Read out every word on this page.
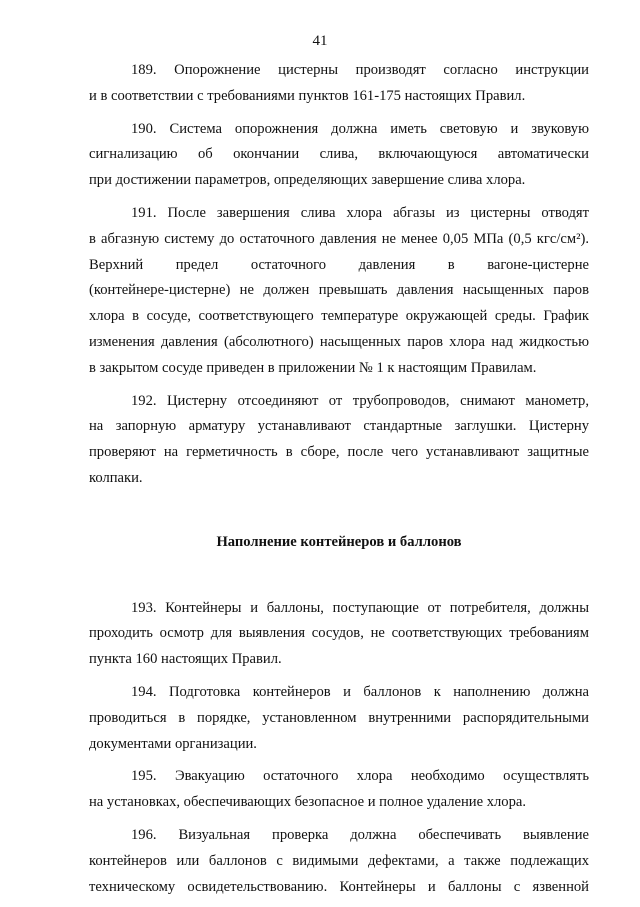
41
189. Опорожнение цистерны производят согласно инструкции
и в соответствии с требованиями пунктов 161-175 настоящих Правил.
190. Система опорожнения должна иметь световую и звуковую
сигнализацию об окончании слива, включающуюся автоматически
при достижении параметров, определяющих завершение слива хлора.
191. После завершения слива хлора абгазы из цистерны отводят
в абгазную систему до остаточного давления не менее 0,05 МПа (0,5 кгс/см²).
Верхний предел остаточного давления в вагоне-цистерне
(контейнере-цистерне) не должен превышать давления насыщенных паров
хлора в сосуде, соответствующего температуре окружающей среды. График
изменения давления (абсолютного) насыщенных паров хлора над жидкостью
в закрытом сосуде приведен в приложении № 1 к настоящим Правилам.
192. Цистерну отсоединяют от трубопроводов, снимают манометр,
на запорную арматуру устанавливают стандартные заглушки. Цистерну
проверяют на герметичность в сборе, после чего устанавливают защитные
колпаки.
Наполнение контейнеров и баллонов
193. Контейнеры и баллоны, поступающие от потребителя, должны
проходить осмотр для выявления сосудов, не соответствующих требованиям
пункта 160 настоящих Правил.
194. Подготовка контейнеров и баллонов к наполнению должна
проводиться в порядке, установленном внутренними распорядительными
документами организации.
195. Эвакуацию остаточного хлора необходимо осуществлять
на установках, обеспечивающих безопасное и полное удаление хлора.
196. Визуальная проверка должна обеспечивать выявление
контейнеров или баллонов с видимыми дефектами, а также подлежащих
техническому освидетельствованию. Контейнеры и баллоны с язвенной
